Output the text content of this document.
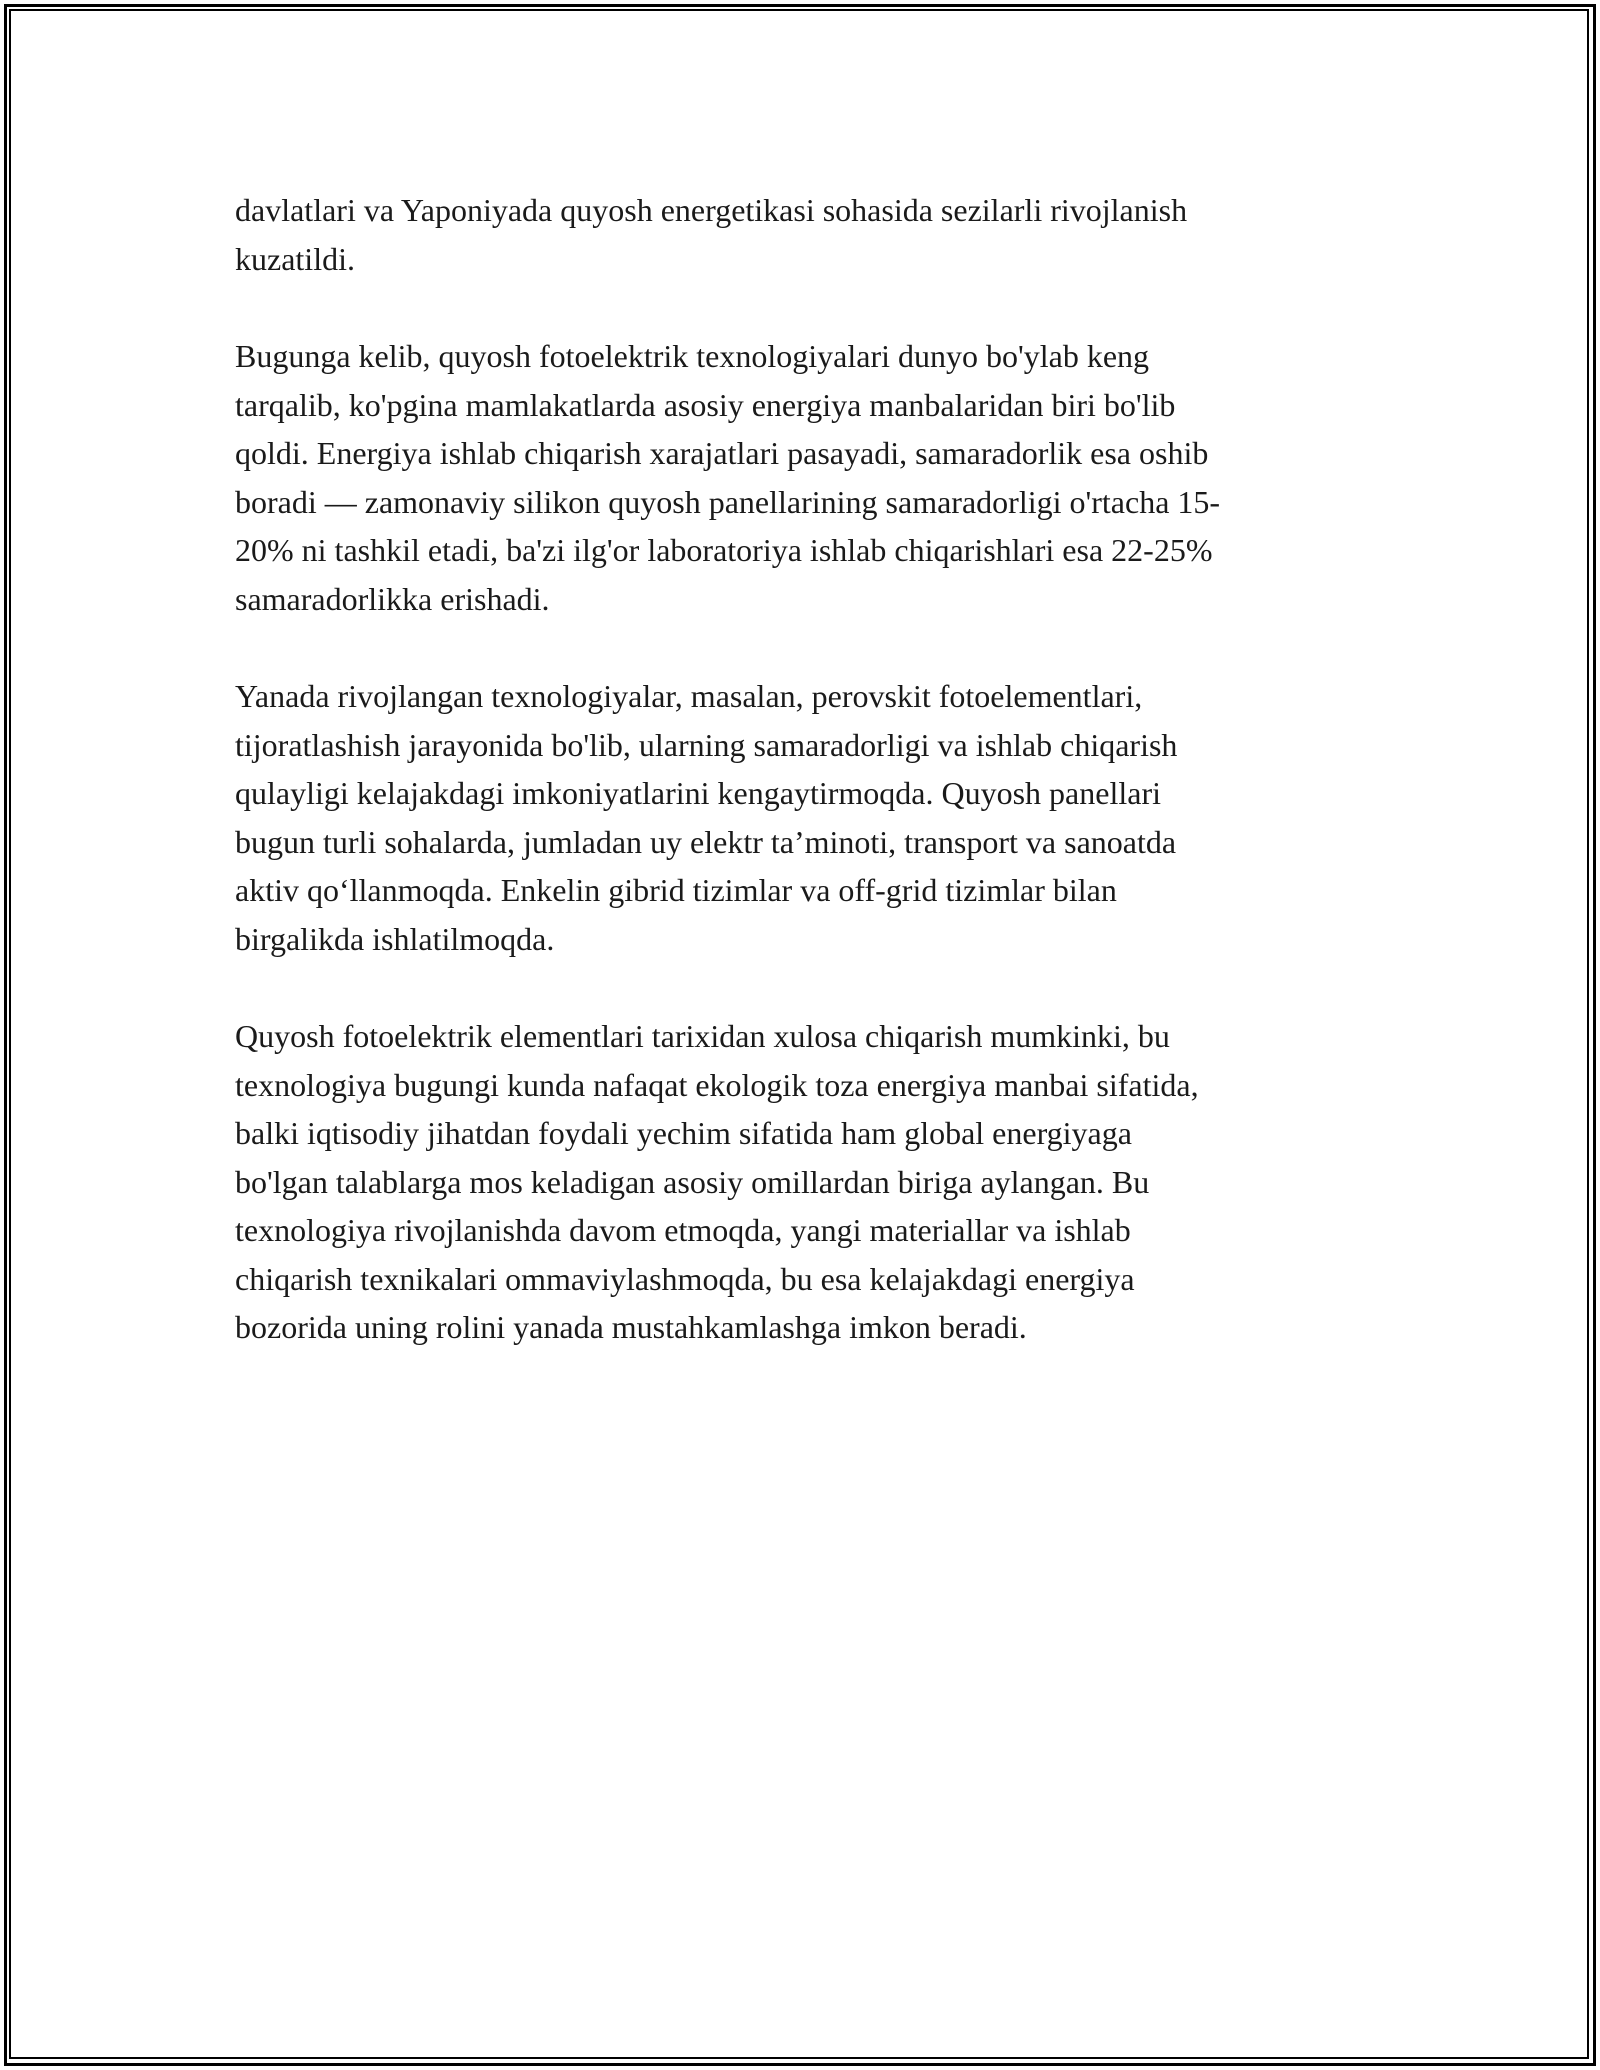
davlatlari va Yaponiyada quyosh energetikasi sohasida sezilarli rivojlanish
kuzatildi.

Bugunga kelib, quyosh fotoelektrik texnologiyalari dunyo bo'ylab keng
tarqalib, ko'pgina mamlakatlarda asosiy energiya manbalaridan biri bo'lib
qoldi. Energiya ishlab chiqarish xarajatlari pasayadi, samaradorlik esa oshib
boradi — zamonaviy silikon quyosh panellarining samaradorligi o'rtacha 15-
20% ni tashkil etadi, ba'zi ilg'or laboratoriya ishlab chiqarishlari esa 22-25%
samaradorlikka erishadi.

Yanada rivojlangan texnologiyalar, masalan, perovskit fotoelementlari,
tijoratlashish jarayonida bo'lib, ularning samaradorligi va ishlab chiqarish
qulayligi kelajakdagi imkoniyatlarini kengaytirmoqda. Quyosh panellari
bugun turli sohalarda, jumladan uy elektr ta’minoti, transport va sanoatda
aktiv qo‘llanmoqda. Enkelin gibrid tizimlar va off-grid tizimlar bilan
birgalikda ishlatilmoqda.

Quyosh fotoelektrik elementlari tarixidan xulosa chiqarish mumkinki, bu
texnologiya bugungi kunda nafaqat ekologik toza energiya manbai sifatida,
balki iqtisodiy jihatdan foydali yechim sifatida ham global energiyaga
bo'lgan talablarga mos keladigan asosiy omillardan biriga aylangan. Bu
texnologiya rivojlanishda davom etmoqda, yangi materiallar va ishlab
chiqarish texnikalari ommaviylashmoqda, bu esa kelajakdagi energiya
bozorida uning rolini yanada mustahkamlashga imkon beradi.
